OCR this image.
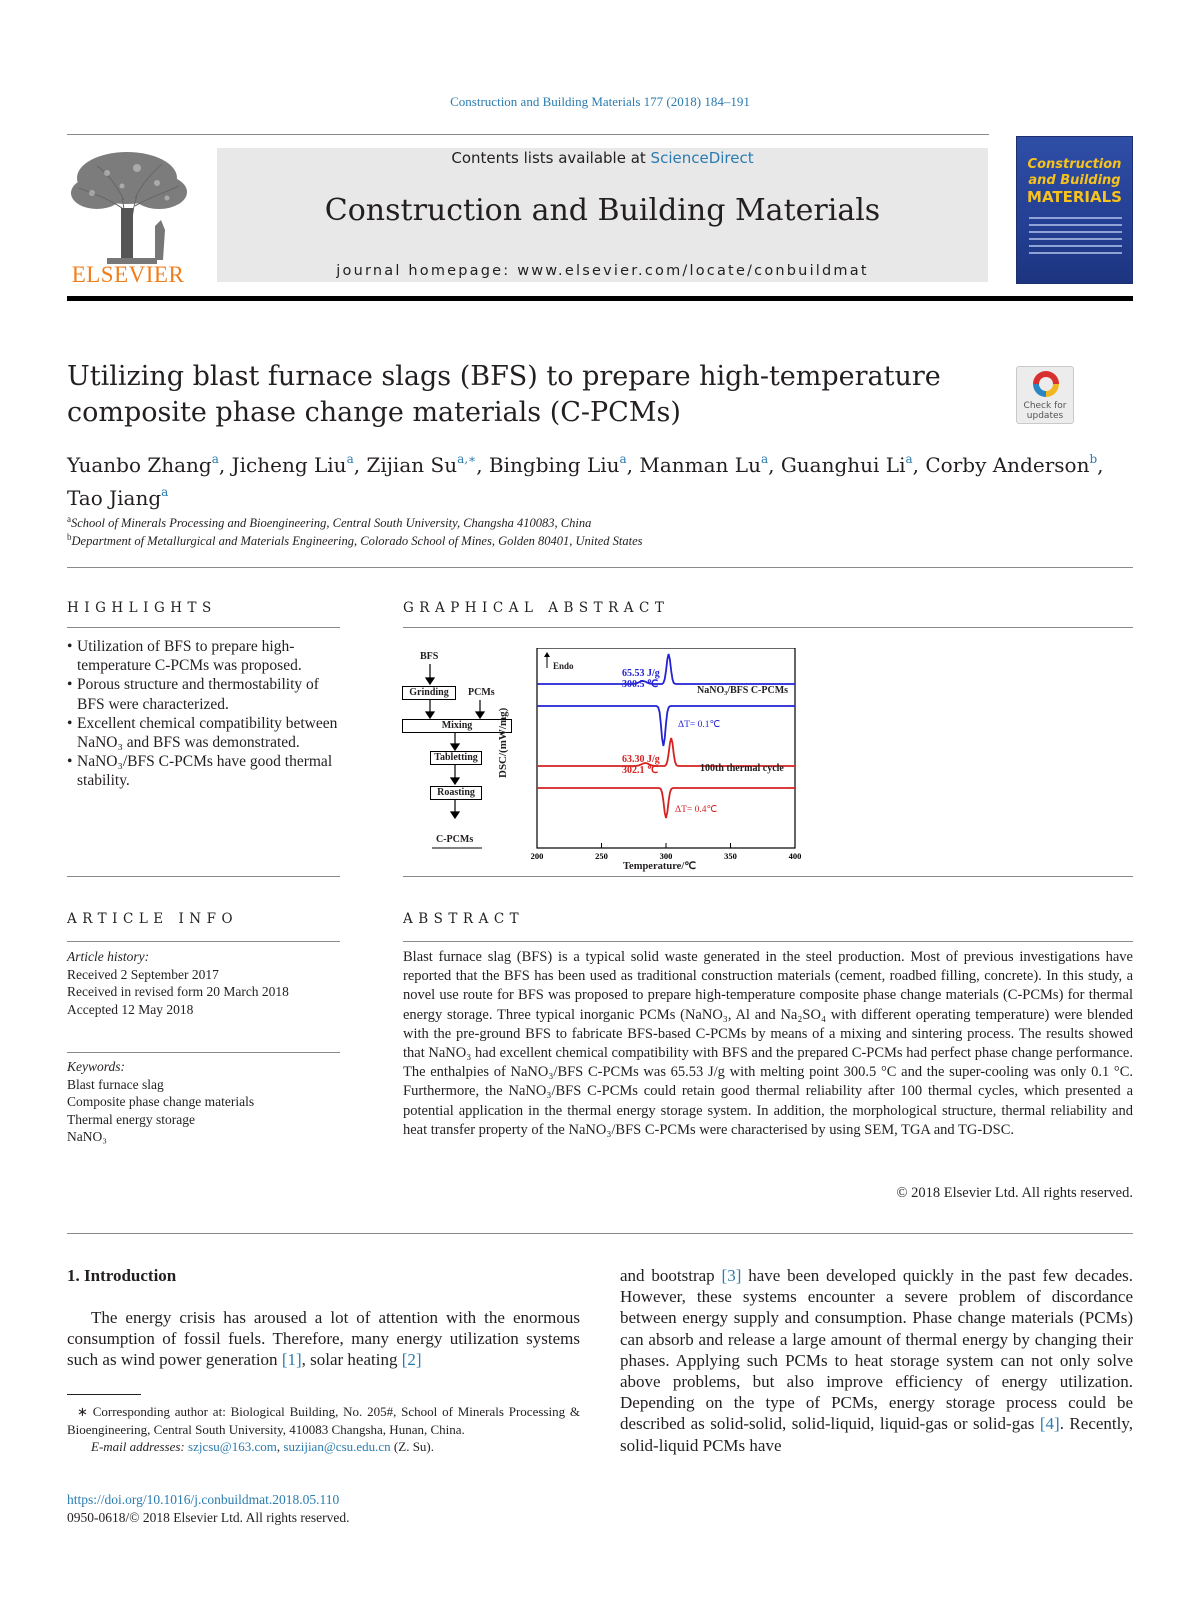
Construction and Building Materials 177 (2018) 184–191
ELSEVIER
Contents lists available at ScienceDirect
Construction and Building Materials
journal homepage: www.elsevier.com/locate/conbuildmat
Construction
and Building
MATERIALS
Utilizing blast furnace slags (BFS) to prepare high-temperature
composite phase change materials (C-PCMs)	Check for
updates
Yuanbo Zhang$^a$, Jicheng Liu$^a$, Zijian $Su^{a,∗}$, Bingbing Liu$^a$, Manman Lu$^a$, Guanghui Li$^a$, Corby Anderson$^b$,
Tao Jiang$^a$
$^a$School of Minerals Processing and Bioengineering, Central South University, Changsha 410083, China
$^b$Department of Metallurgical and Materials Engineering, Colorado School of Mines, Golden 80401, United States
HIGHLIGHTS
• Utilization of BFS to prepare high-temperature C-PCMs was proposed.
• Porous structure and thermostability of BFS were characterized.
• Excellent chemical compatibility between NaNO₃ and BFS was demonstrated.
• NaNO₃/BFS C-PCMs have good thermal stability.
GRAPHICAL ABSTRACT
BFS
Grinding	PCMs
Mixing
Tabletting
Roasting
C-PCMs
200	250	300	350	400
Endo
DSC/(mW/mg)
Temperature/℃
65.53 J/g
300.5 ℃
NaNO₃/BFS C-PCMs
ΔT= 0.1℃
63.30 J/g
302.1 ℃	100th thermal cycle
ΔT= 0.4℃
ARTICLE INFO
Article history:
Received 2 September 2017
Received in revised form 20 March 2018
Accepted 12 May 2018
Keywords:
Blast furnace slag
Composite phase change materials
Thermal energy storage
NaNO₃
ABSTRACT
Blast furnace slag (BFS) is a typical solid waste generated in the steel production. Most of previous investigations have reported that the BFS has been used as traditional construction materials (cement, roadbed filling, concrete). In this study, a novel use route for BFS was proposed to prepare high-temperature composite phase change materials (C-PCMs) for thermal energy storage. Three typical inorganic PCMs (NaNO₃, Al and Na₂SO₄ with different operating temperature) were blended with the pre-ground BFS to fabricate BFS-based C-PCMs by means of a mixing and sintering process. The results showed that NaNO₃ had excellent chemical compatibility with BFS and the prepared C-PCMs had perfect phase change performance. The enthalpies of NaNO₃/BFS C-PCMs was 65.53 J/g with melting point 300.5 °C and the super-cooling was only 0.1 °C. Furthermore, the NaNO₃/BFS C-PCMs could retain good thermal reliability after 100 thermal cycles, which presented a potential application in the thermal energy storage system. In addition, the morphological structure, thermal reliability and heat transfer property of the NaNO₃/BFS C-PCMs were characterised by using SEM, TGA and TG-DSC.
© 2018 Elsevier Ltd. All rights reserved.
1. Introduction
The energy crisis has aroused a lot of attention with the enormous consumption of fossil fuels. Therefore, many energy utilization systems such as wind power generation [1], solar heating [2]
and bootstrap [3] have been developed quickly in the past few decades. However, these systems encounter a severe problem of discordance between energy supply and consumption. Phase change materials (PCMs) can absorb and release a large amount of thermal energy by changing their phases. Applying such PCMs to heat storage system can not only solve above problems, but also improve efficiency of energy utilization. Depending on the type of PCMs, energy storage process could be described as solid-solid, solid-liquid, liquid-gas or solid-gas [4]. Recently, solid-liquid PCMs have
∗ Corresponding author at: Biological Building, No. 205#, School of Minerals Processing & Bioengineering, Central South University, 410083 Changsha, Hunan, China.
E-mail addresses: szjcsu@163.com, suzijian@csu.edu.cn (Z. Su).
https://doi.org/10.1016/j.conbuildmat.2018.05.110
0950-0618/© 2018 Elsevier Ltd. All rights reserved.
